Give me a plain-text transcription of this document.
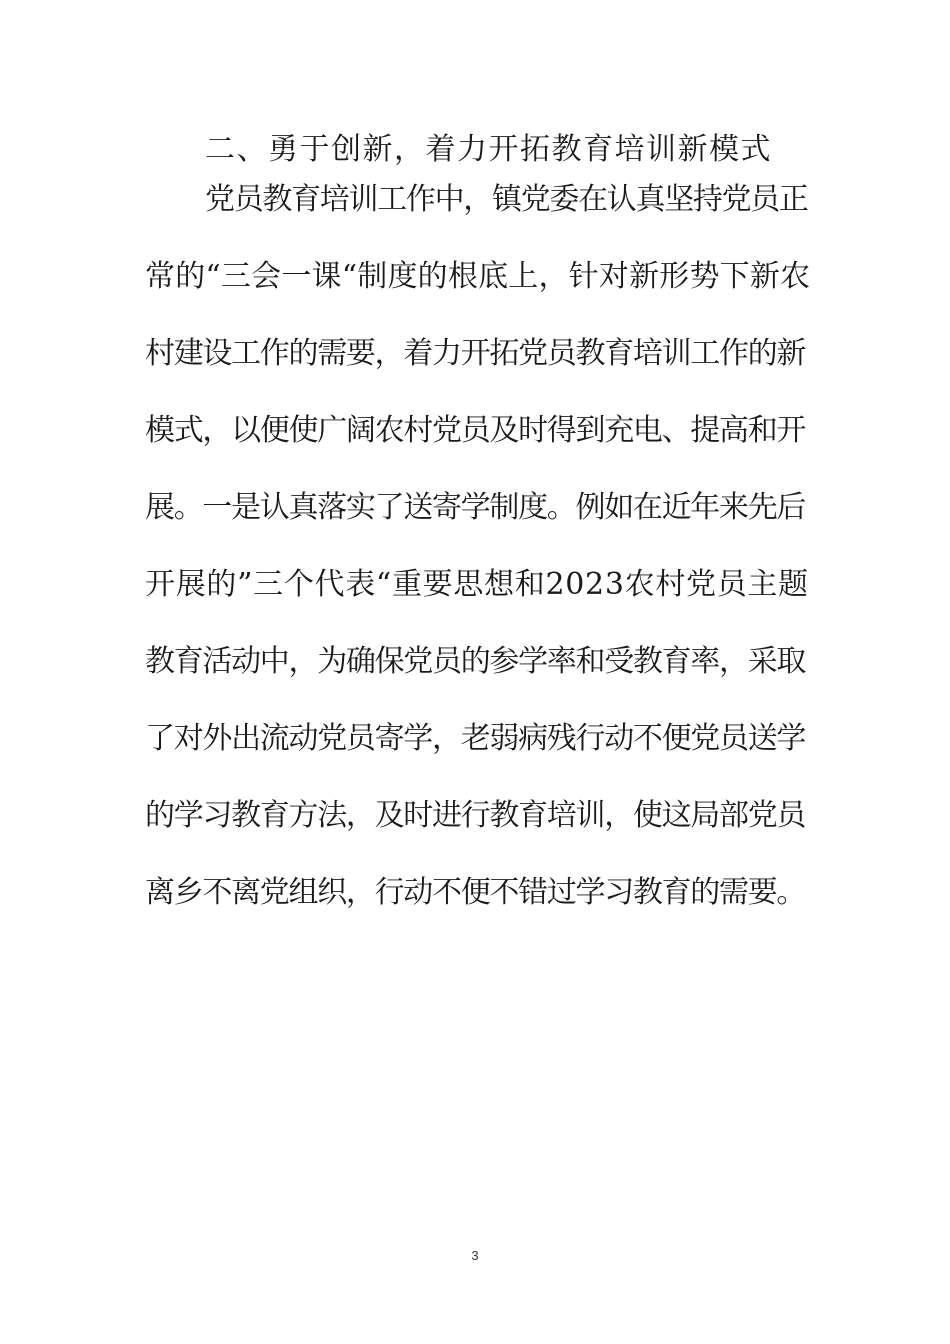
二、勇于创新，着力开拓教育培训新模式
党员教育培训工作中，镇党委在认真坚持党员正
常的“三会一课“制度的根底上，针对新形势下新农
村建设工作的需要，着力开拓党员教育培训工作的新
模式，以便使广阔农村党员及时得到充电、提高和开
展。一是认真落实了送寄学制度。例如在近年来先后
开展的”三个代表“重要思想和2023农村党员主题
教育活动中，为确保党员的参学率和受教育率，采取
了对外出流动党员寄学，老弱病残行动不便党员送学
的学习教育方法，及时进行教育培训，使这局部党员
离乡不离党组织，行动不便不错过学习教育的需要。
3
